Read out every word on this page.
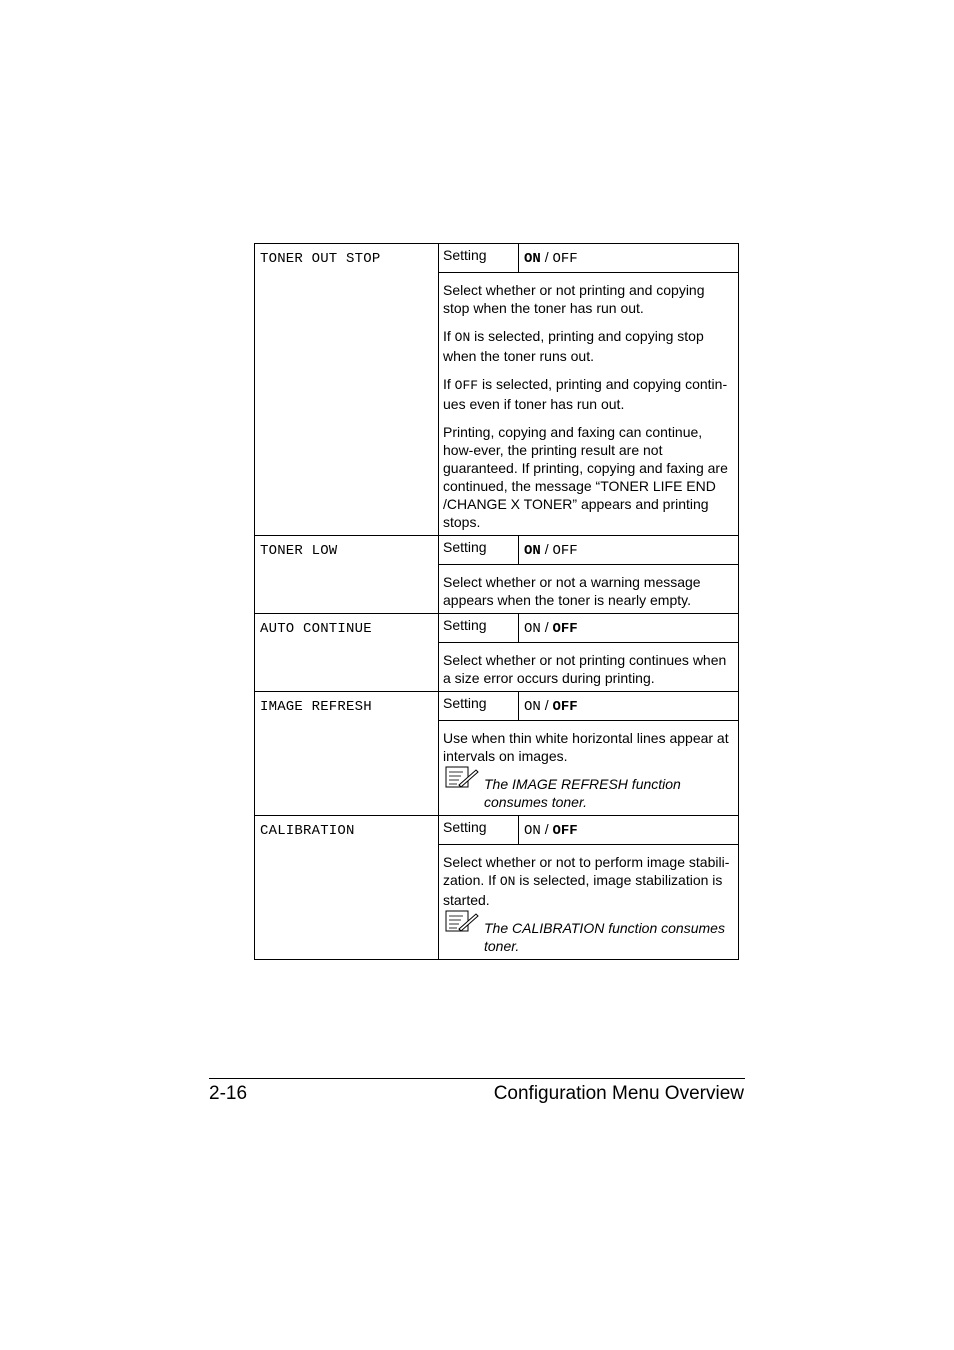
TONER OUT STOP	Setting	ON / OFF

	Select whether or not printing and copying stop when the toner has run out.

If ON is selected, printing and copying stop when the toner runs out.

If OFF is selected, printing and copying contin-ues even if toner has run out.

Printing, copying and faxing can continue, how-ever, the printing result are not guaranteed. If printing, copying and faxing are continued, the message “TONER LIFE END /CHANGE X TONER” appears and printing stops.	

TONER LOW	Setting	ON / OFF

	Select whether or not a warning message appears when the toner is nearly empty.	

AUTO CONTINUE	Setting	ON / OFF

	Select whether or not printing continues when a size error occurs during printing.	

IMAGE REFRESH	Setting	ON / OFF

	Use when thin white horizontal lines appear at intervals on images.

The IMAGE REFRESH function consumes toner.	

CALIBRATION	Setting	ON / OFF

	Select whether or not to perform image stabili-zation. If ON is selected, image stabilization is started.

The CALIBRATION function consumes toner.	
2-16	Configuration Menu Overview
